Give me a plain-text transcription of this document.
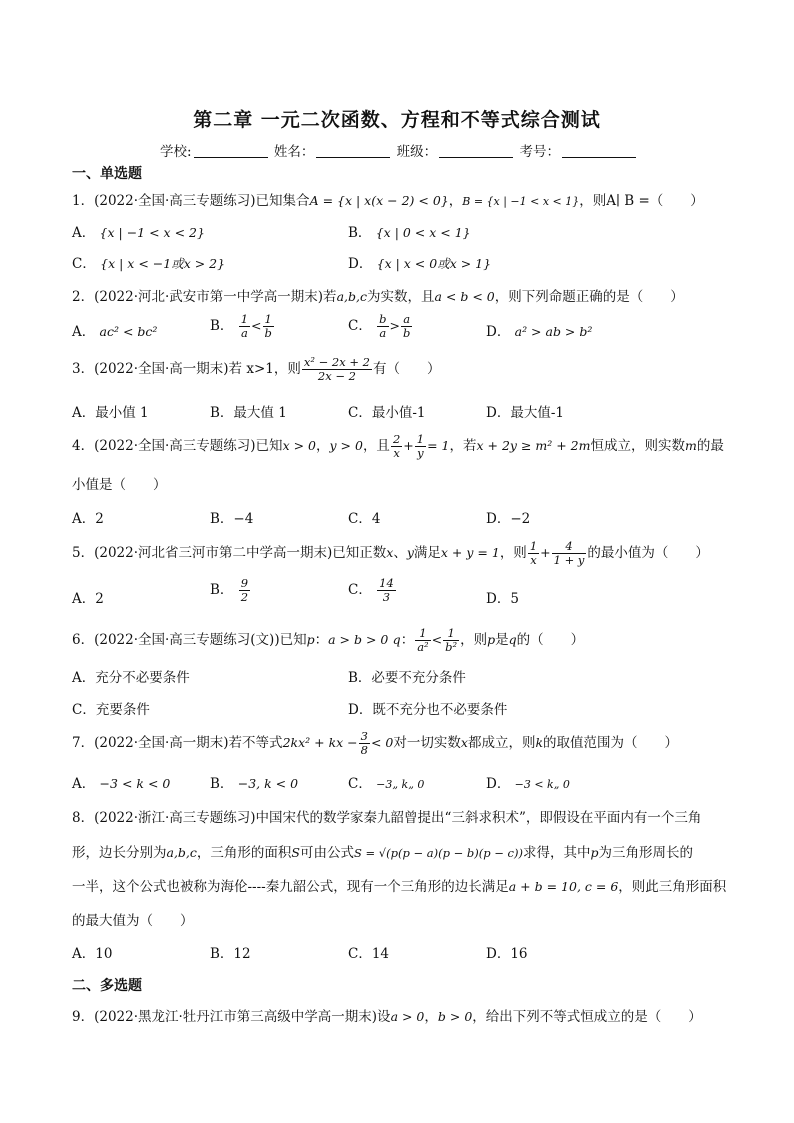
第二章 一元二次函数、方程和不等式综合测试
学校:	姓名：	班级：	考号：
一、单选题
1．(2022·全国·高三专题练习)已知集合A = {x | x(x − 2) < 0}，B = {x | −1 < x < 1}，则A∣ B =（　　）
A． {x | −1 < x < 2}	B． {x | 0 < x < 1}
C． {x | x < −1或x > 2}	D． {x | x < 0或x > 1}
2．(2022·河北·武安市第一中学高一期末)若a,b,c为实数，且a < b < 0，则下列命题正确的是（　　）
A． ac² < bc²	B． $\frac{1}{a} < \frac{1}{b}$	C． $\frac{b}{a} > \frac{a}{b}$	D． a² > ab > b²
3．(2022·全国·高一期末)若 x>1，则 $\frac{\text{x² − 2x + 2}}{2x - 2}$ 有（　　）
A．最小值 1	B．最大值 1	C．最小值-1	D．最大值-1
4．(2022·全国·高三专题练习)已知x > 0，y > 0，且 $\frac{2}{x} + \frac{1}{y} = 1$，若x + 2y ≥ m² + 2m恒成立，则实数m的最
小值是（　　）
A．2	B．−4	C．4	D．−2
5．(2022·河北省三河市第二中学高一期末)已知正数x、y满足x + y = 1，则 $\frac{1}{x} + \frac{4}{1 + y}$ 的最小值为（　　）
A．2
B． $\frac{9}{2}$	C． $\frac{14}{3}$	D．5
6．(2022·全国·高三专题练习(文))已知p：a > b > 0 q： $\frac{1}{\text{a²}} < \frac{1}{\text{b²}}$ ，则p是q的（　　）
A．充分不必要条件	B．必要不充分条件
C．充要条件	D．既不充分也不必要条件
7．(2022·全国·高一期末)若不等式2kx² + kx − $\frac{3}{8} < 0$对一切实数x都成立，则k的取值范围为（　　）
A． −3 < k < 0	B． −3, k < 0	C． −3„ k„ 0	D． −3 < k„ 0
8．(2022·浙江·高三专题练习)中国宋代的数学家秦九韶曾提出“三斜求积术”，即假设在平面内有一个三角
形，边长分别为a,b,c，三角形的面积S可由公式S = √(p(p − a)(p − b)(p − c))求得，其中p为三角形周长的
一半，这个公式也被称为海伦----秦九韶公式，现有一个三角形的边长满足a + b = 10, c = 6，则此三角形面积
的最大值为（　　）
A．10	B．12	C．14	D．16
二、多选题
9．(2022·黑龙江·牡丹江市第三高级中学高一期末)设a > 0，b > 0，给出下列不等式恒成立的是（　　）
